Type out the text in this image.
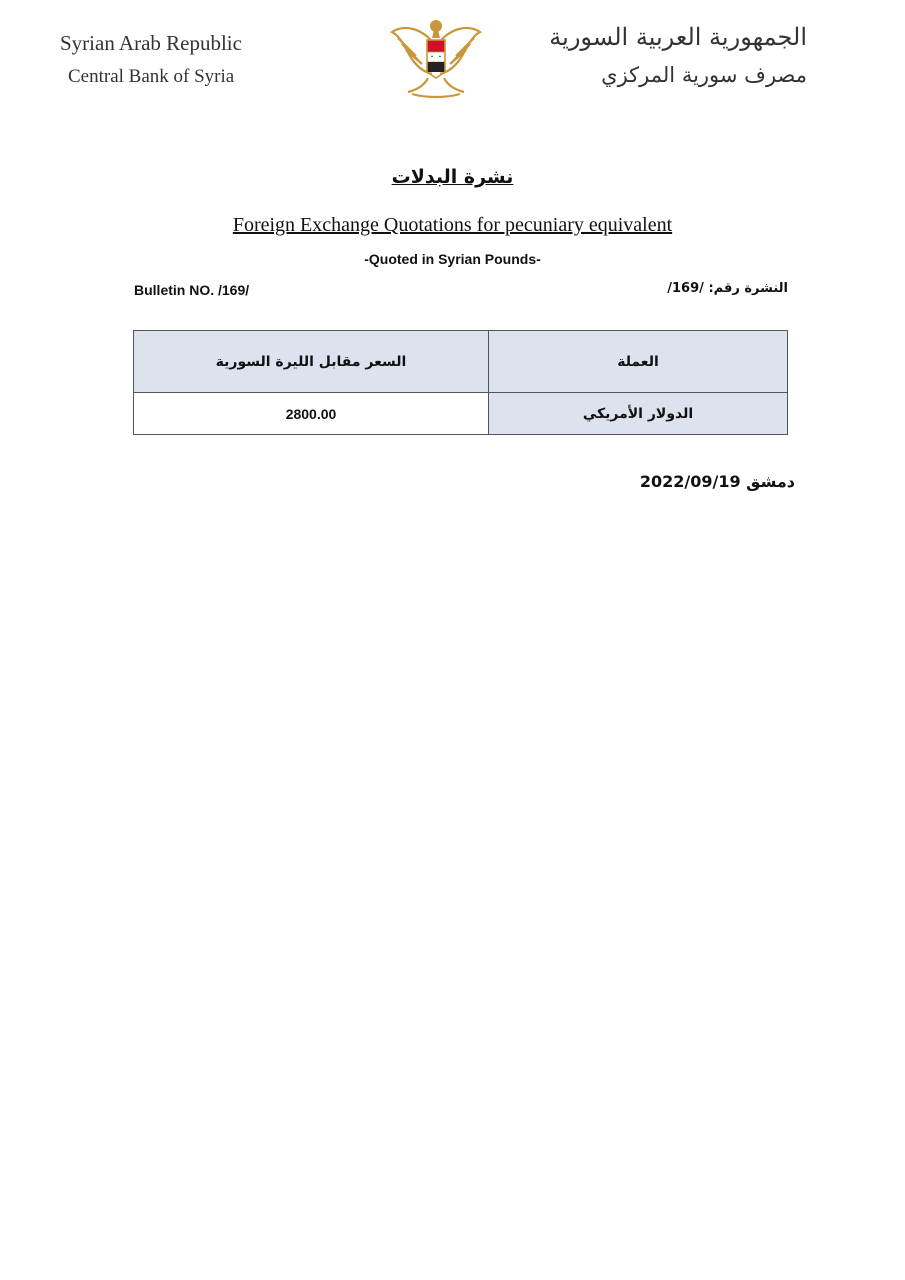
Syrian Arab Republic
Central Bank of Syria
الجمهورية العربية السورية
مصرف سورية المركزي
نشرة البدلات
Foreign Exchange Quotations for pecuniary equivalent
-Quoted in Syrian Pounds-
Bulletin NO. /169/	النشرة رقم: /169/
العملة	السعر مقابل الليرة السورية
الدولار الأمريكي	2800.00
دمشق 2022/09/19
